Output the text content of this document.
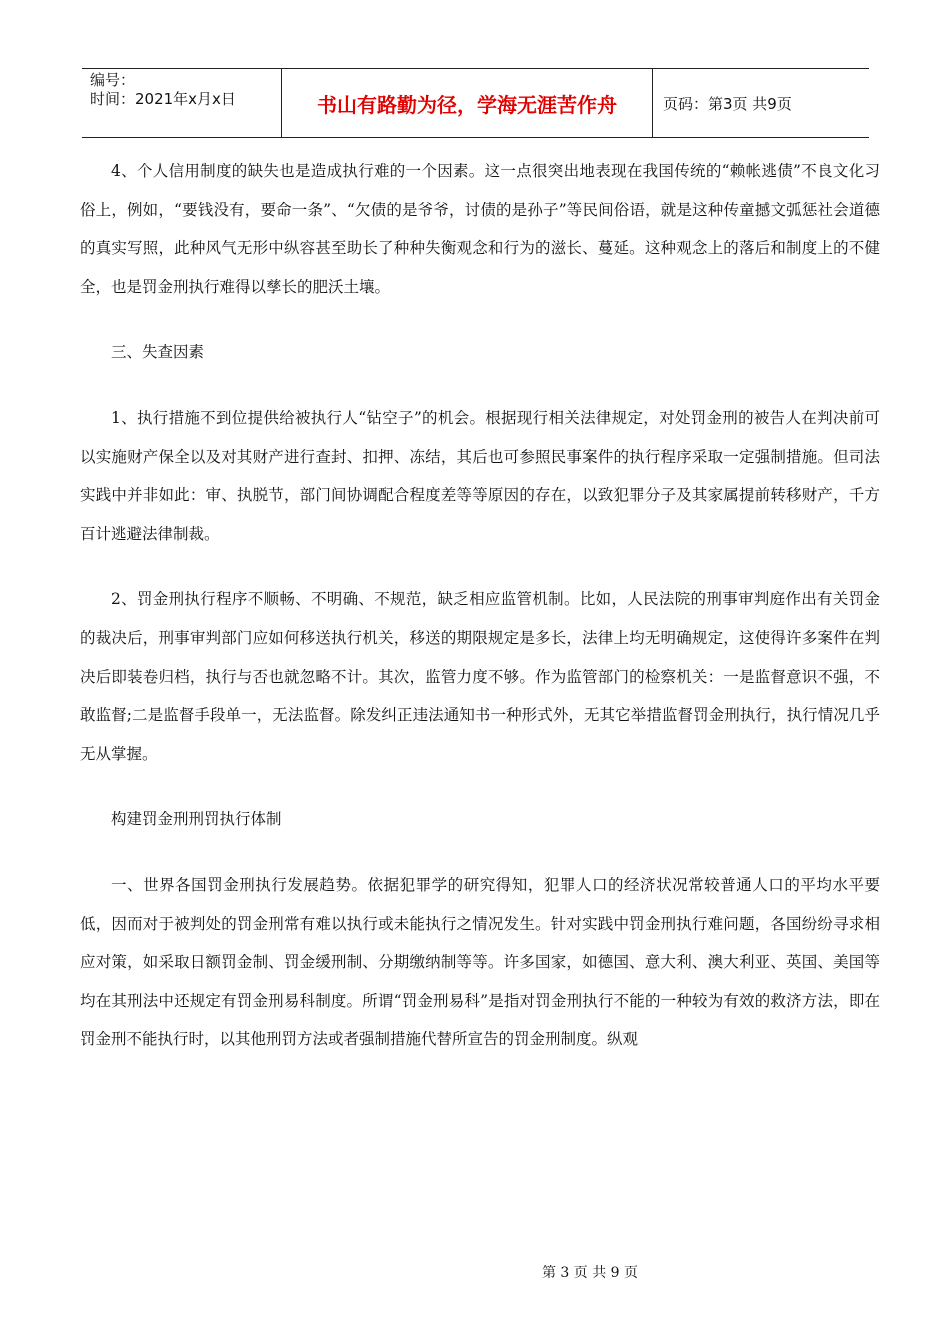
编号：
时间：2021年x月x日	书山有路勤为径，学海无涯苦作舟	页码：第3页 共9页

4、个人信用制度的缺失也是造成执行难的一个因素。这一点很突出地表现在我国传统的“赖帐逃债”不良文化习俗上，例如，“要钱没有，要命一条”、“欠债的是爷爷，讨债的是孙子”等民间俗语，就是这种传童撼文弧惩社会道德的真实写照，此种风气无形中纵容甚至助长了种种失衡观念和行为的滋长、蔓延。这种观念上的落后和制度上的不健全，也是罚金刑执行难得以孳长的肥沃土壤。

三、失查因素

1、执行措施不到位提供给被执行人“钻空子”的机会。根据现行相关法律规定，对处罚金刑的被告人在判决前可以实施财产保全以及对其财产进行查封、扣押、冻结，其后也可参照民事案件的执行程序采取一定强制措施。但司法实践中并非如此：审、执脱节，部门间协调配合程度差等等原因的存在，以致犯罪分子及其家属提前转移财产，千方百计逃避法律制裁。

2、罚金刑执行程序不顺畅、不明确、不规范，缺乏相应监管机制。比如，人民法院的刑事审判庭作出有关罚金的裁决后，刑事审判部门应如何移送执行机关，移送的期限规定是多长，法律上均无明确规定，这使得许多案件在判决后即装卷归档，执行与否也就忽略不计。其次，监管力度不够。作为监管部门的检察机关：一是监督意识不强，不敢监督;二是监督手段单一，无法监督。除发纠正违法通知书一种形式外，无其它举措监督罚金刑执行，执行情况几乎无从掌握。

构建罚金刑刑罚执行体制

一、世界各国罚金刑执行发展趋势。依据犯罪学的研究得知，犯罪人口的经济状况常较普通人口的平均水平要低，因而对于被判处的罚金刑常有难以执行或未能执行之情况发生。针对实践中罚金刑执行难问题，各国纷纷寻求相应对策，如采取日额罚金制、罚金缓刑制、分期缴纳制等等。许多国家，如德国、意大利、澳大利亚、英国、美国等均在其刑法中还规定有罚金刑易科制度。所谓“罚金刑易科”是指对罚金刑执行不能的一种较为有效的救济方法，即在罚金刑不能执行时，以其他刑罚方法或者强制措施代替所宣告的罚金刑制度。纵观

第 3 页 共 9 页
